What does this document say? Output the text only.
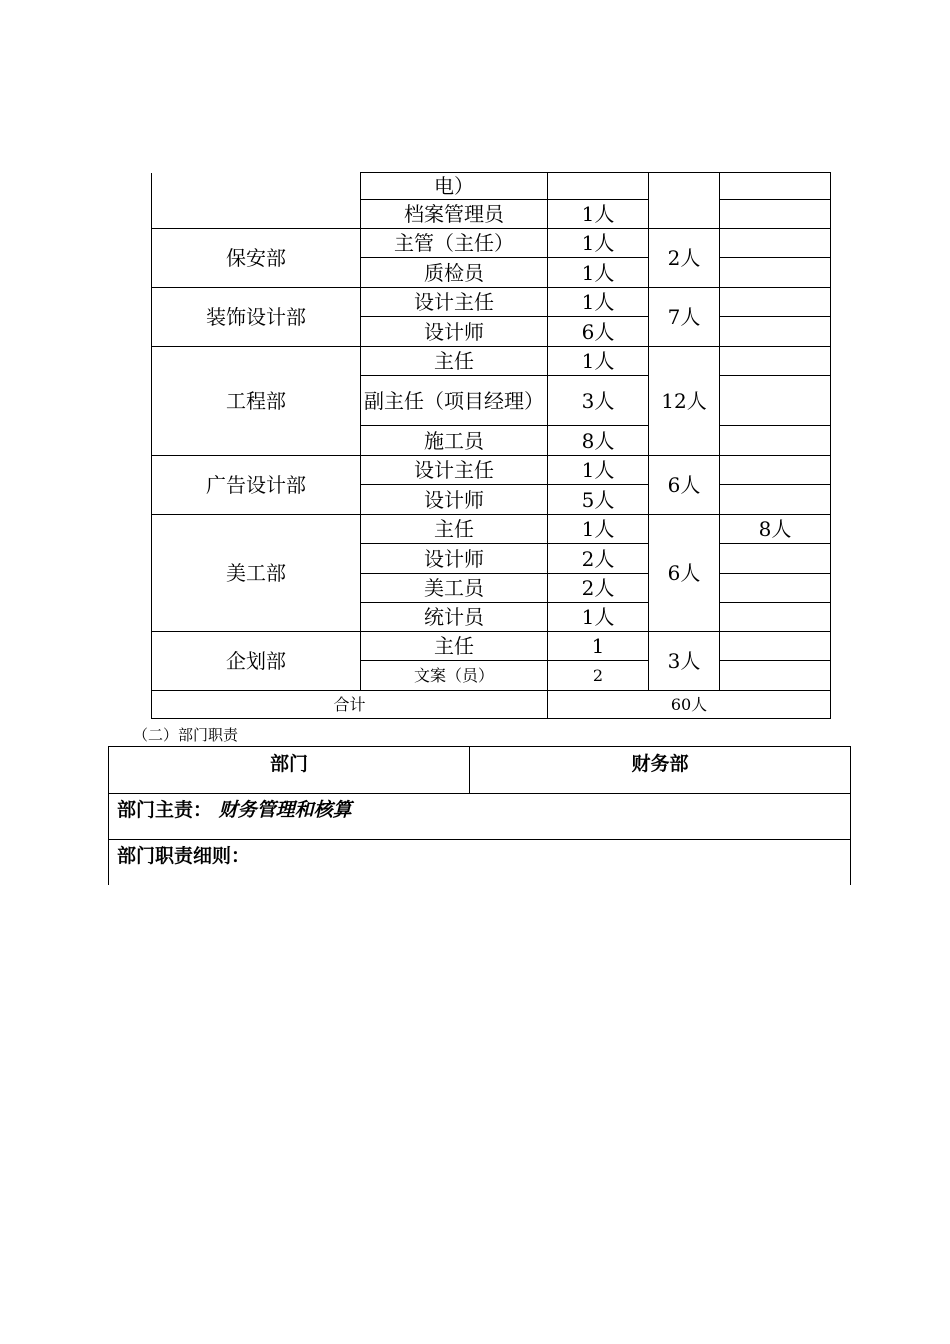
	电）			
	档案管理员	1人		
保安部	主管（主任）	1人	2人	
	质检员	1人		
装饰设计部	设计主任	1人	7人	
	设计师	6人		
工程部	主任	1人	12人	
	副主任（项目经理）	3人		
	施工员	8人		
广告设计部	设计主任	1人	6人	
	设计师	5人		
美工部	主任	1人	6人	8人
	设计师	2人		
	美工员	2人		
	统计员	1人		
企划部	主任	1	3人	
	文案（员）	2		
合计		60人		
（二）部门职责
部门	财务部
部门主责： 财务管理和核算
部门职责细则：
